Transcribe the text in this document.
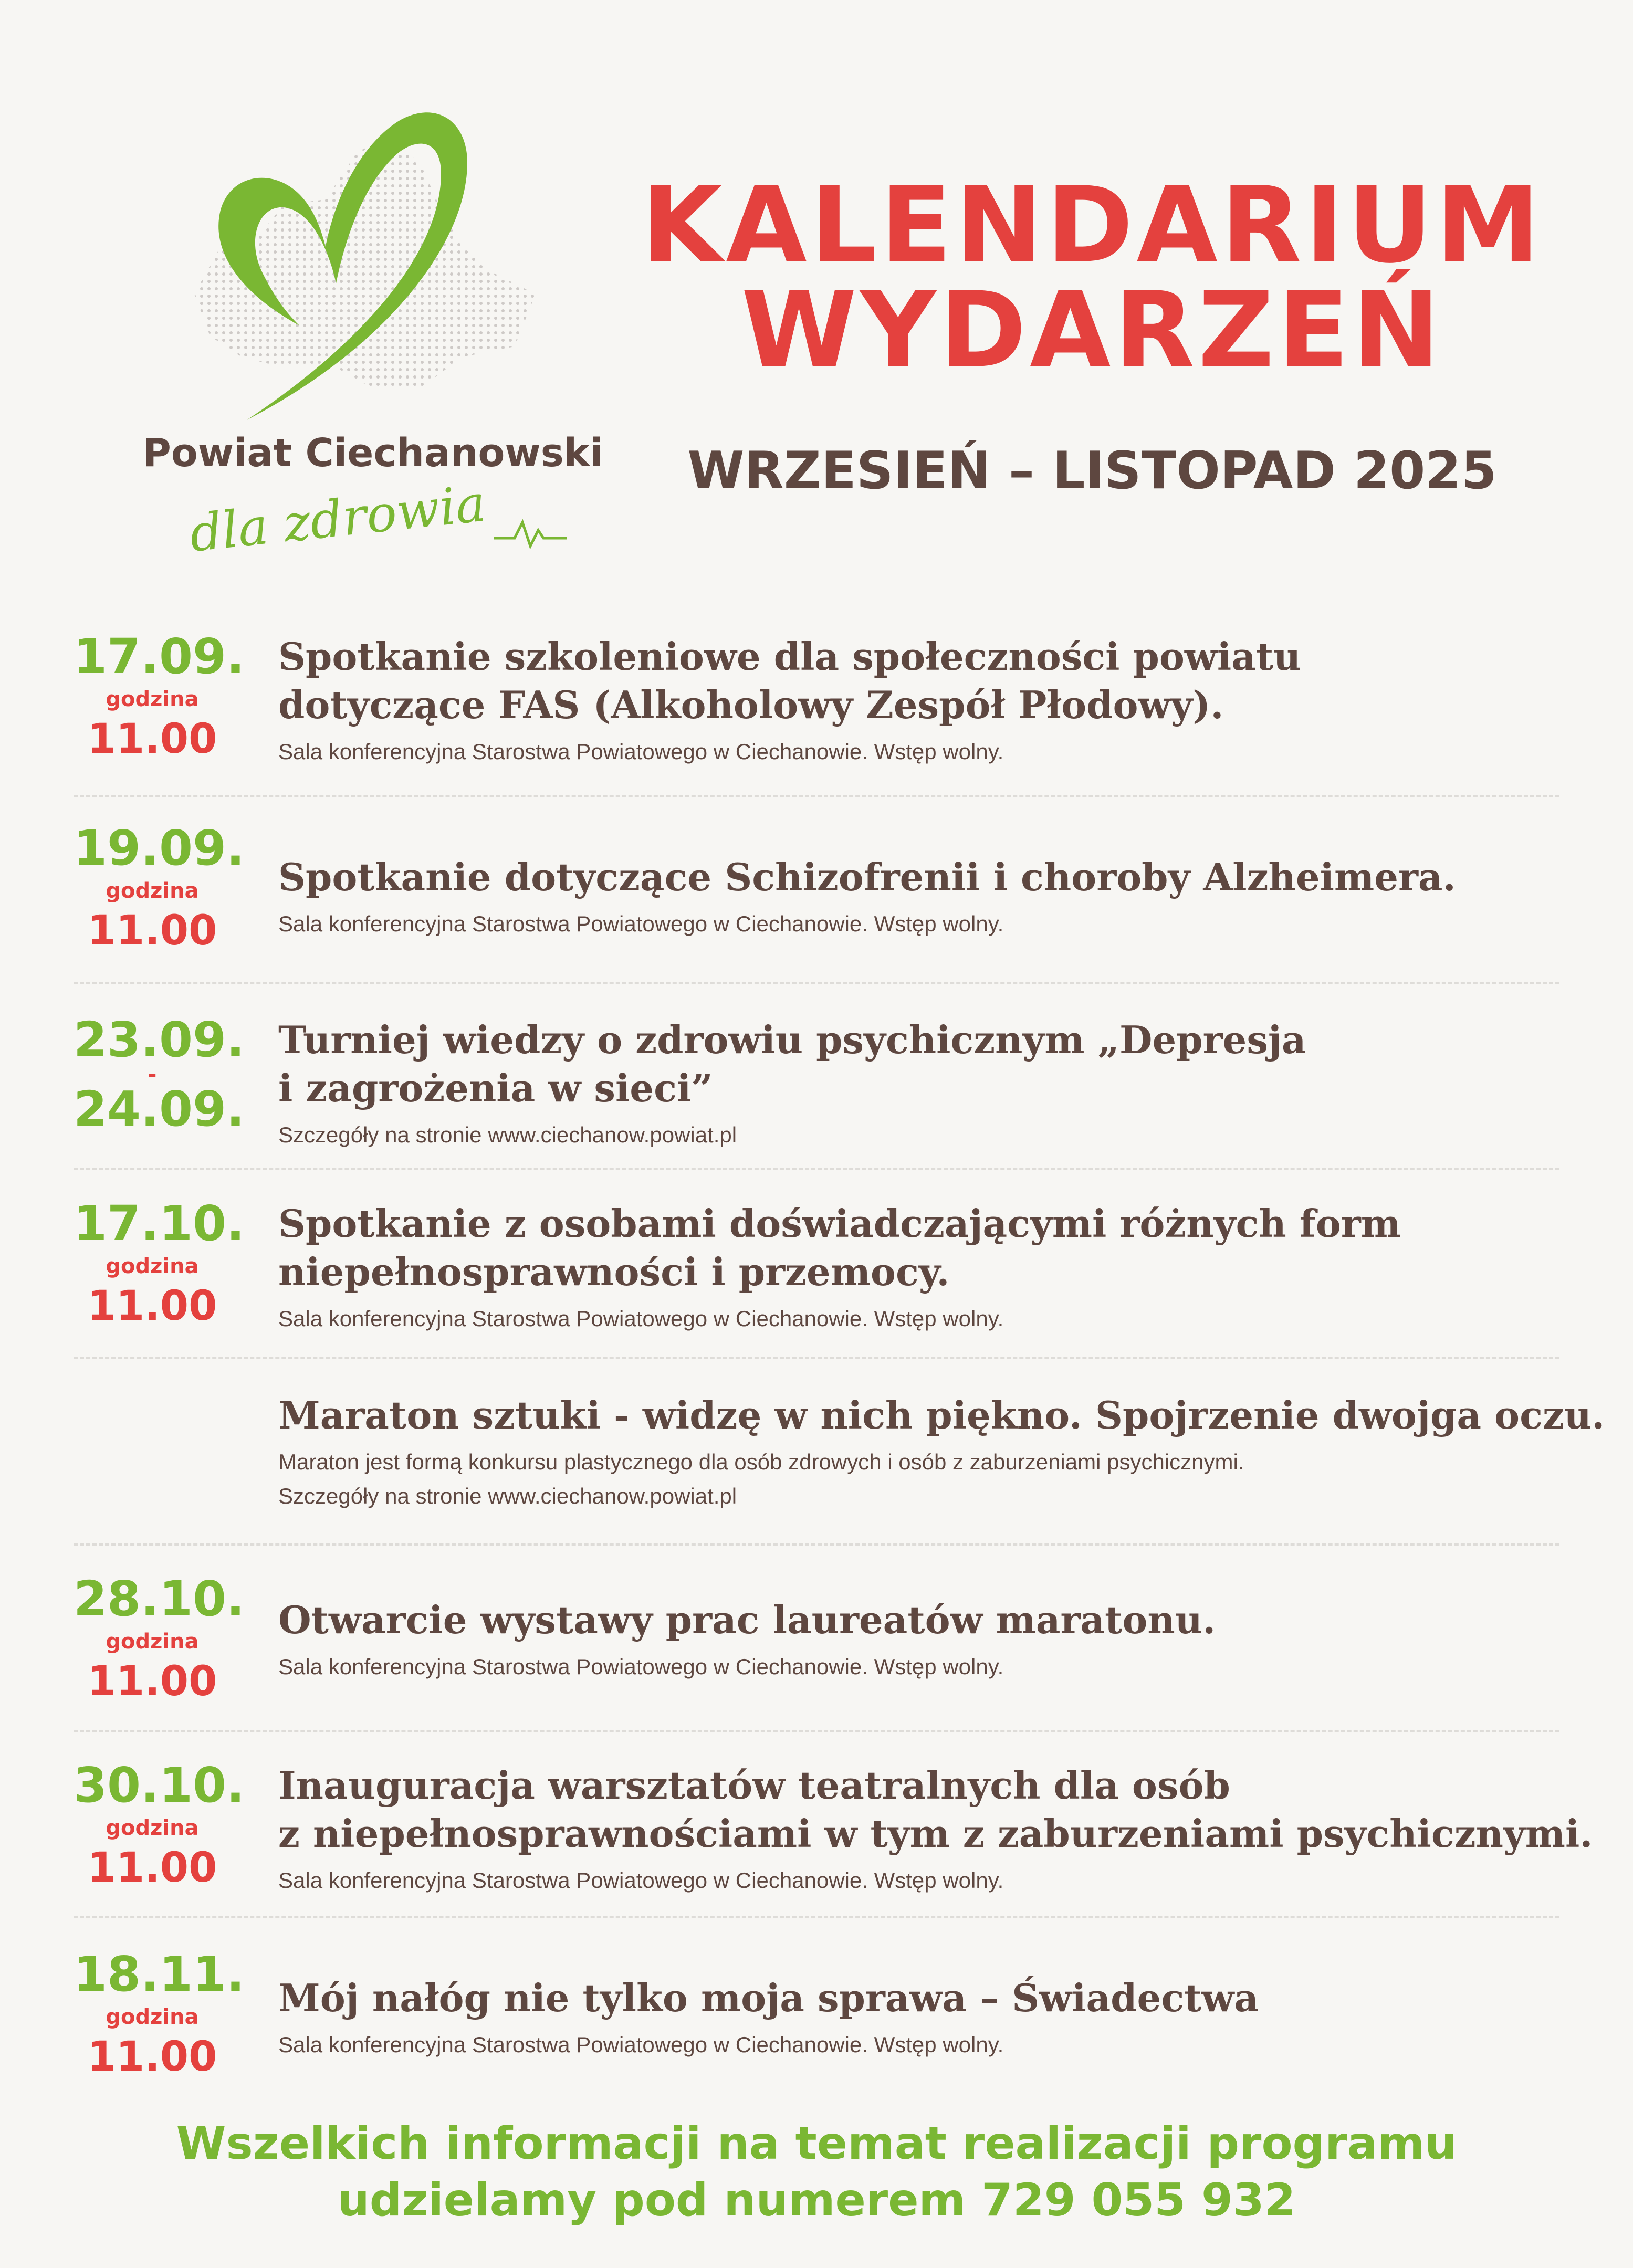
Powiat Ciechanowski
dla zdrowia
KALENDARIUM
WYDARZEŃ
WRZESIEŃ – LISTOPAD 2025
17.09.
godzina
11.00
Spotkanie szkoleniowe dla społeczności powiatu
dotyczące FAS (Alkoholowy Zespół Płodowy).
Sala konferencyjna Starostwa Powiatowego w Ciechanowie. Wstęp wolny.
19.09.
godzina
11.00
Spotkanie dotyczące Schizofrenii i choroby Alzheimera.
Sala konferencyjna Starostwa Powiatowego w Ciechanowie. Wstęp wolny.
23.09.
-
24.09.
Turniej wiedzy o zdrowiu psychicznym „Depresja
i zagrożenia w sieci”
Szczegóły na stronie www.ciechanow.powiat.pl
17.10.
godzina
11.00
Spotkanie z osobami doświadczającymi różnych form
niepełnosprawności i przemocy.
Sala konferencyjna Starostwa Powiatowego w Ciechanowie. Wstęp wolny.
Maraton sztuki - widzę w nich piękno. Spojrzenie dwojga oczu.
Maraton jest formą konkursu plastycznego dla osób zdrowych i osób z zaburzeniami psychicznymi.
Szczegóły na stronie www.ciechanow.powiat.pl
28.10.
godzina
11.00
Otwarcie wystawy prac laureatów maratonu.
Sala konferencyjna Starostwa Powiatowego w Ciechanowie. Wstęp wolny.
30.10.
godzina
11.00
Inauguracja warsztatów teatralnych dla osób
z niepełnosprawnościami w tym z zaburzeniami psychicznymi.
Sala konferencyjna Starostwa Powiatowego w Ciechanowie. Wstęp wolny.
18.11.
godzina
11.00
Mój nałóg nie tylko moja sprawa – Świadectwa
Sala konferencyjna Starostwa Powiatowego w Ciechanowie. Wstęp wolny.
Wszelkich informacji na temat realizacji programu
udzielamy pod numerem 729 055 932
